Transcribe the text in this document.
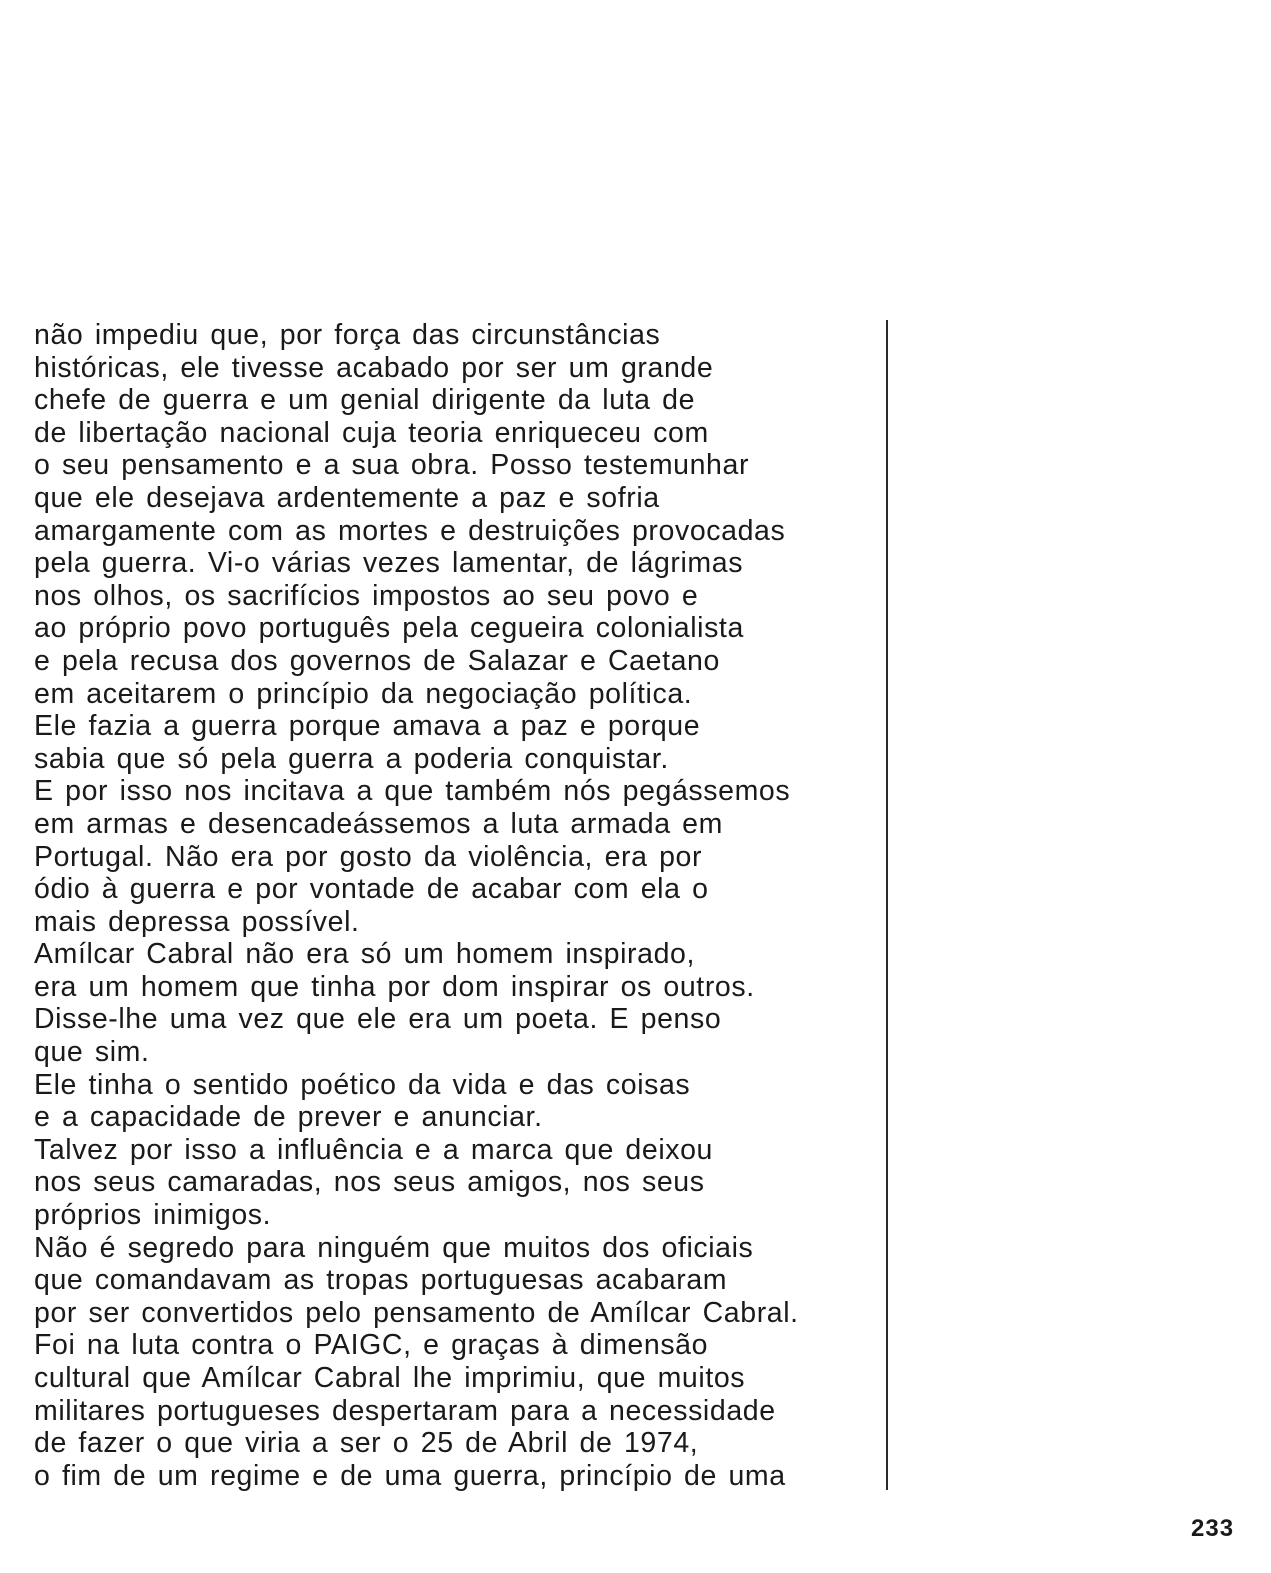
não impediu que, por força das circunstâncias
históricas, ele tivesse acabado por ser um grande
chefe de guerra e um genial dirigente da luta de
de libertação nacional cuja teoria enriqueceu com
o seu pensamento e a sua obra. Posso testemunhar
que ele desejava ardentemente a paz e sofria
amargamente com as mortes e destruições provocadas
pela guerra. Vi-o várias vezes lamentar, de lágrimas
nos olhos, os sacrifícios impostos ao seu povo e
ao próprio povo português pela cegueira colonialista
e pela recusa dos governos de Salazar e Caetano
em aceitarem o princípio da negociação política.
Ele fazia a guerra porque amava a paz e porque
sabia que só pela guerra a poderia conquistar.
E por isso nos incitava a que também nós pegássemos
em armas e desencadeássemos a luta armada em
Portugal. Não era por gosto da violência, era por
ódio à guerra e por vontade de acabar com ela o
mais depressa possível.
Amílcar Cabral não era só um homem inspirado,
era um homem que tinha por dom inspirar os outros.
Disse-lhe uma vez que ele era um poeta. E penso
que sim.
Ele tinha o sentido poético da vida e das coisas
e a capacidade de prever e anunciar.
Talvez por isso a influência e a marca que deixou
nos seus camaradas, nos seus amigos, nos seus
próprios inimigos.
Não é segredo para ninguém que muitos dos oficiais
que comandavam as tropas portuguesas acabaram
por ser convertidos pelo pensamento de Amílcar Cabral.
Foi na luta contra o PAIGC, e graças à dimensão
cultural que Amílcar Cabral lhe imprimiu, que muitos
militares portugueses despertaram para a necessidade
de fazer o que viria a ser o 25 de Abril de 1974,
o fim de um regime e de uma guerra, princípio de uma
233
